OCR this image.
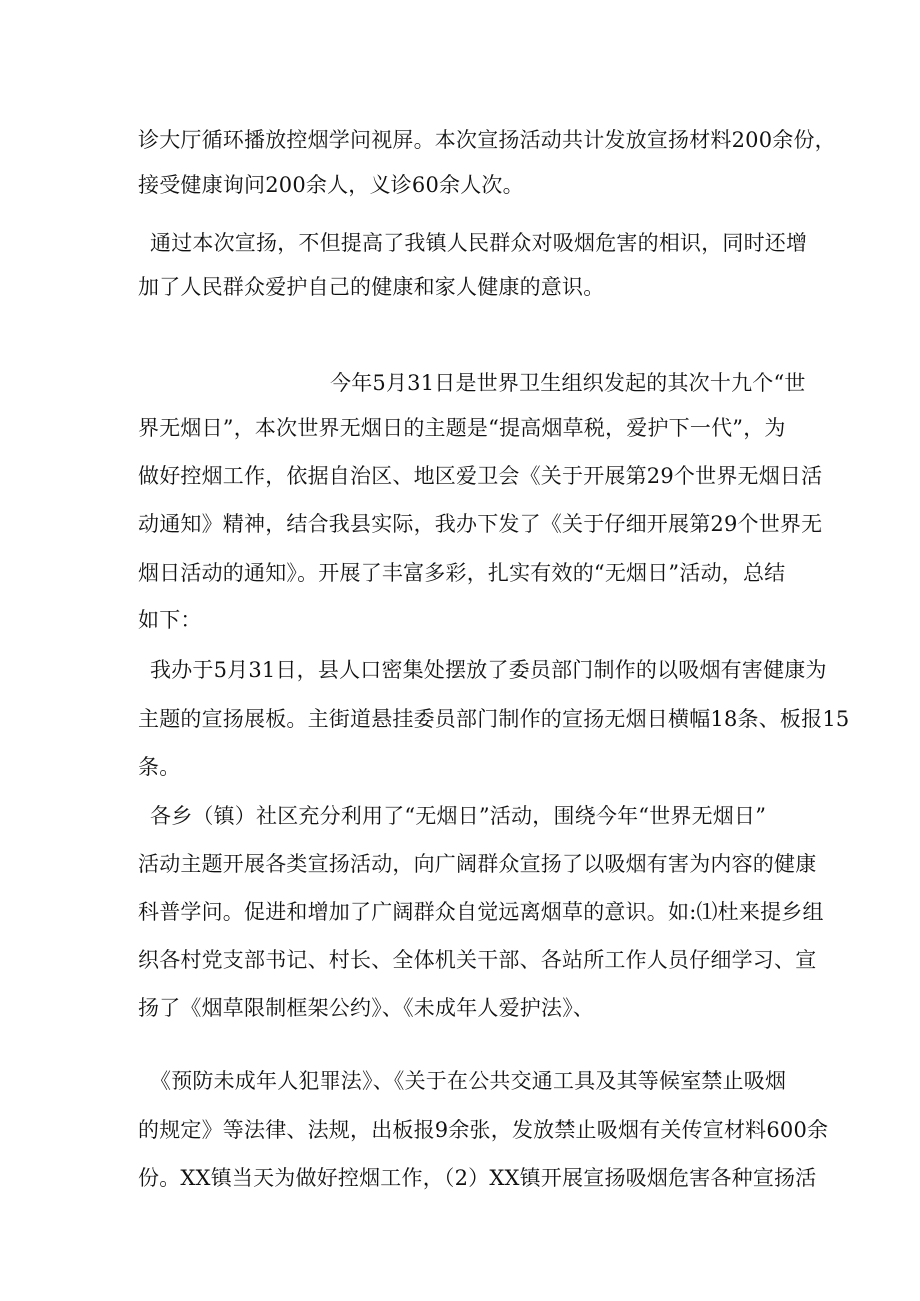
诊大厅循环播放控烟学问视屏。本次宣扬活动共计发放宣扬材料200余份，
接受健康询问200余人，义诊60余人次。
通过本次宣扬，不但提高了我镇人民群众对吸烟危害的相识，同时还增
加了人民群众爱护自己的健康和家人健康的意识。
今年5月31日是世界卫生组织发起的其次十九个“世
界无烟日”，本次世界无烟日的主题是“提高烟草税，爱护下一代”，为
做好控烟工作，依据自治区、地区爱卫会《关于开展第29个世界无烟日活
动通知》精神，结合我县实际，我办下发了《关于仔细开展第29个世界无
烟日活动的通知》。开展了丰富多彩，扎实有效的“无烟日”活动，总结
如下：
我办于5月31日，县人口密集处摆放了委员部门制作的以吸烟有害健康为
主题的宣扬展板。主街道悬挂委员部门制作的宣扬无烟日横幅18条、板报15
条。
各乡（镇）社区充分利用了“无烟日”活动，围绕今年“世界无烟日”
活动主题开展各类宣扬活动，向广阔群众宣扬了以吸烟有害为内容的健康
科普学问。促进和增加了广阔群众自觉远离烟草的意识。如:⑴杜来提乡组
织各村党支部书记、村长、全体机关干部、各站所工作人员仔细学习、宣
扬了《烟草限制框架公约》、《未成年人爱护法》、
《预防未成年人犯罪法》、《关于在公共交通工具及其等候室禁止吸烟
的规定》等法律、法规，出板报9余张，发放禁止吸烟有关传宣材料600余
份。XX镇当天为做好控烟工作，（2）XX镇开展宣扬吸烟危害各种宣扬活
